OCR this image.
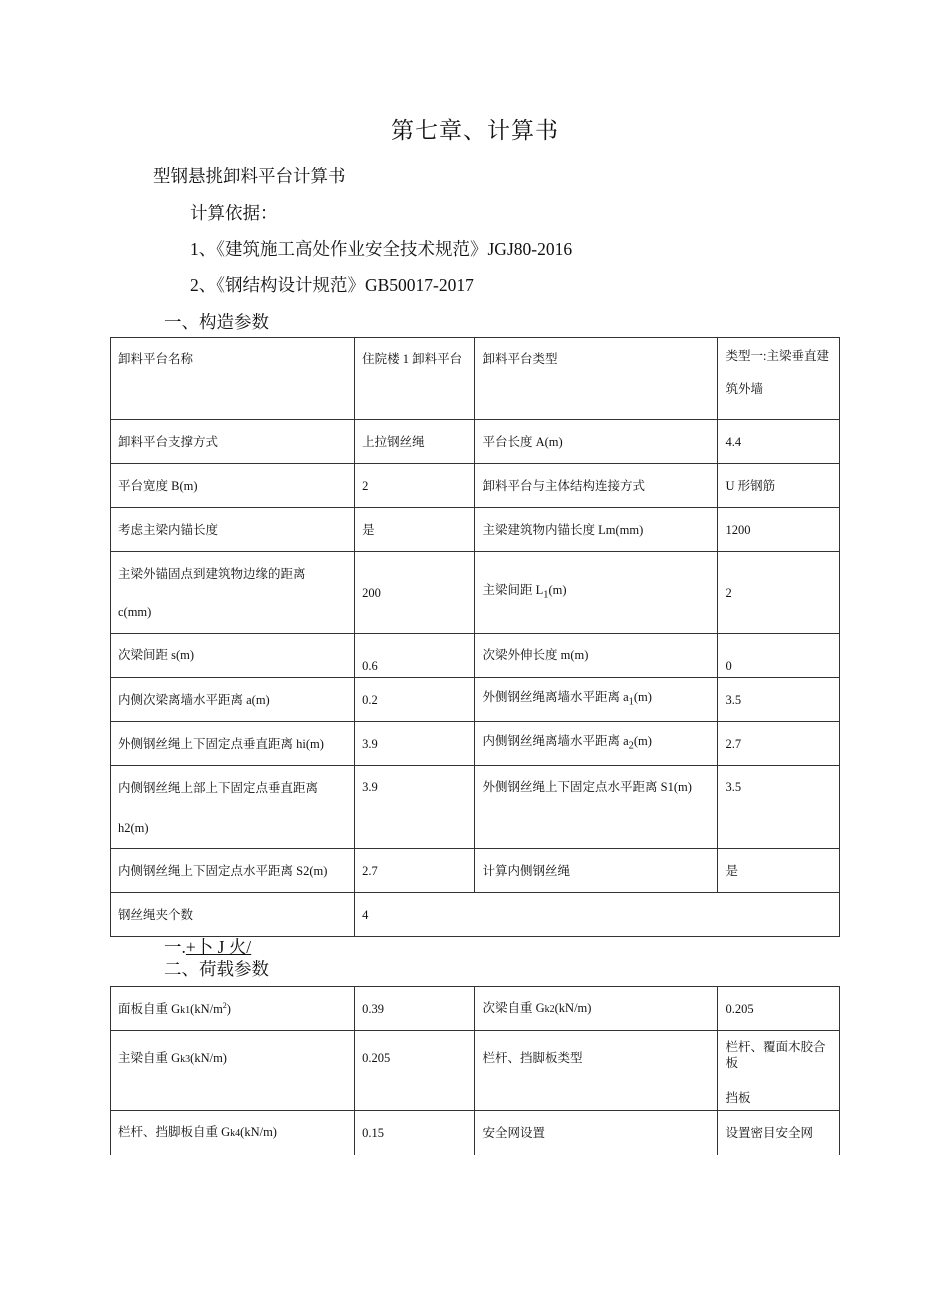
第七章、计算书
型钢悬挑卸料平台计算书
计算依据：
1、《建筑施工高处作业安全技术规范》JGJ80-2016
2、《钢结构设计规范》GB50017-2017
一、构造参数
卸料平台名称	住院楼 1 卸料平台	卸料平台类型	类型一:主梁垂直建
筑外墙

卸料平台支撑方式	上拉钢丝绳	平台长度 A(m)	4.4
平台宽度 B(m)	2	卸料平台与主体结构连接方式	U 形钢筋
考虑主梁内锚长度	是	主梁建筑物内锚长度 Lm(mm)	1200

主梁外锚固点到建筑物边缘的距离
c(mm)	200	主梁间距 $L_1(m)$	2
次梁间距 s(m)	0.6	次梁外伸长度 m(m)	0
内侧次梁离墙水平距离 a(m)	0.2	外侧钢丝绳离墙水平距离 $a_1(m)$	3.5
外侧钢丝绳上下固定点垂直距离 hi(m)	3.9	内侧钢丝绳离墙水平距离 $a_2(m)$	2.7

内侧钢丝绳上部上下固定点垂直距离
h2(m)	3.9	外侧钢丝绳上下固定点水平距离 S1(m)	3.5
内侧钢丝绳上下固定点水平距离 S2(m)	2.7	计算内侧钢丝绳	是
钢丝绳夹个数	4		
一.+卜 J 火/
二、荷载参数
面板自重 $Gk1(kN/m^2)$	0.39	次梁自重 Gk2(kN/m)	0.205
主梁自重 Gk3(kN/m)	0.205	栏杆、挡脚板类型	栏杆、覆面木胶合板
挡板

栏杆、挡脚板自重 Gk4(kN/m)	0.15	安全网设置	设置密目安全网
